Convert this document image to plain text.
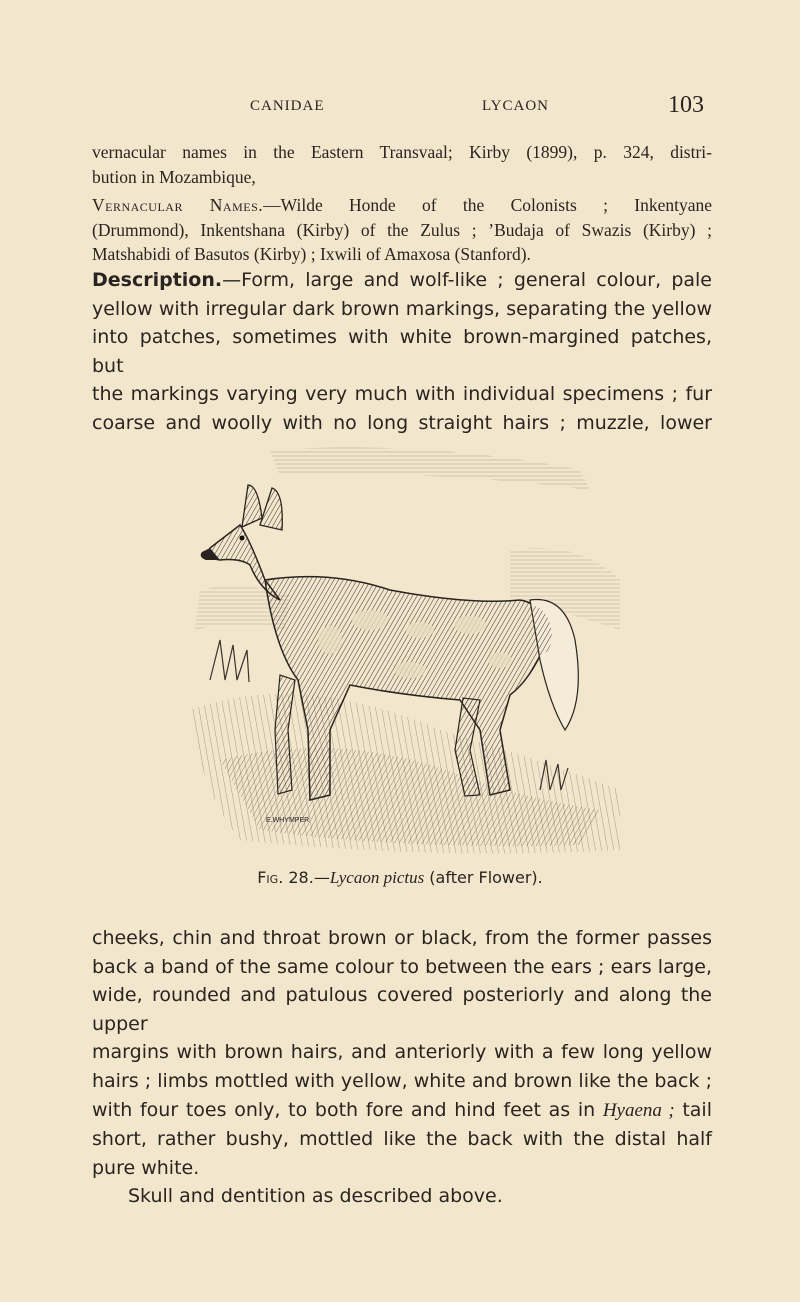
CANIDAE	LYCAON	103
vernacular names in the Eastern Transvaal; Kirby (1899), p. 324, distri-
bution in Mozambique,
Vernacular Names.—Wilde Honde of the Colonists ; Inkentyane
(Drummond), Inkentshana (Kirby) of the Zulus ; ’Budaja of Swazis (Kirby) ;
Matshabidi of Basutos (Kirby) ; Ixwili of Amaxosa (Stanford).
Description.—Form, large and wolf-like ; general colour, pale
yellow with irregular dark brown markings, separating the yellow
into patches, sometimes with white brown-margined patches, but
the markings varying very much with individual specimens ; fur
coarse and woolly with no long straight hairs ; muzzle, lower
E.WHYMPER
Fig. 28.—Lycaon pictus (after Flower).
cheeks, chin and throat brown or black, from the former passes
back a band of the same colour to between the ears ; ears large,
wide, rounded and patulous covered posteriorly and along the upper
margins with brown hairs, and anteriorly with a few long yellow
hairs ; limbs mottled with yellow, white and brown like the back ;
with four toes only, to both fore and hind feet as in Hyaena ; tail
short, rather bushy, mottled like the back with the distal half
pure white.
Skull and dentition as described above.
